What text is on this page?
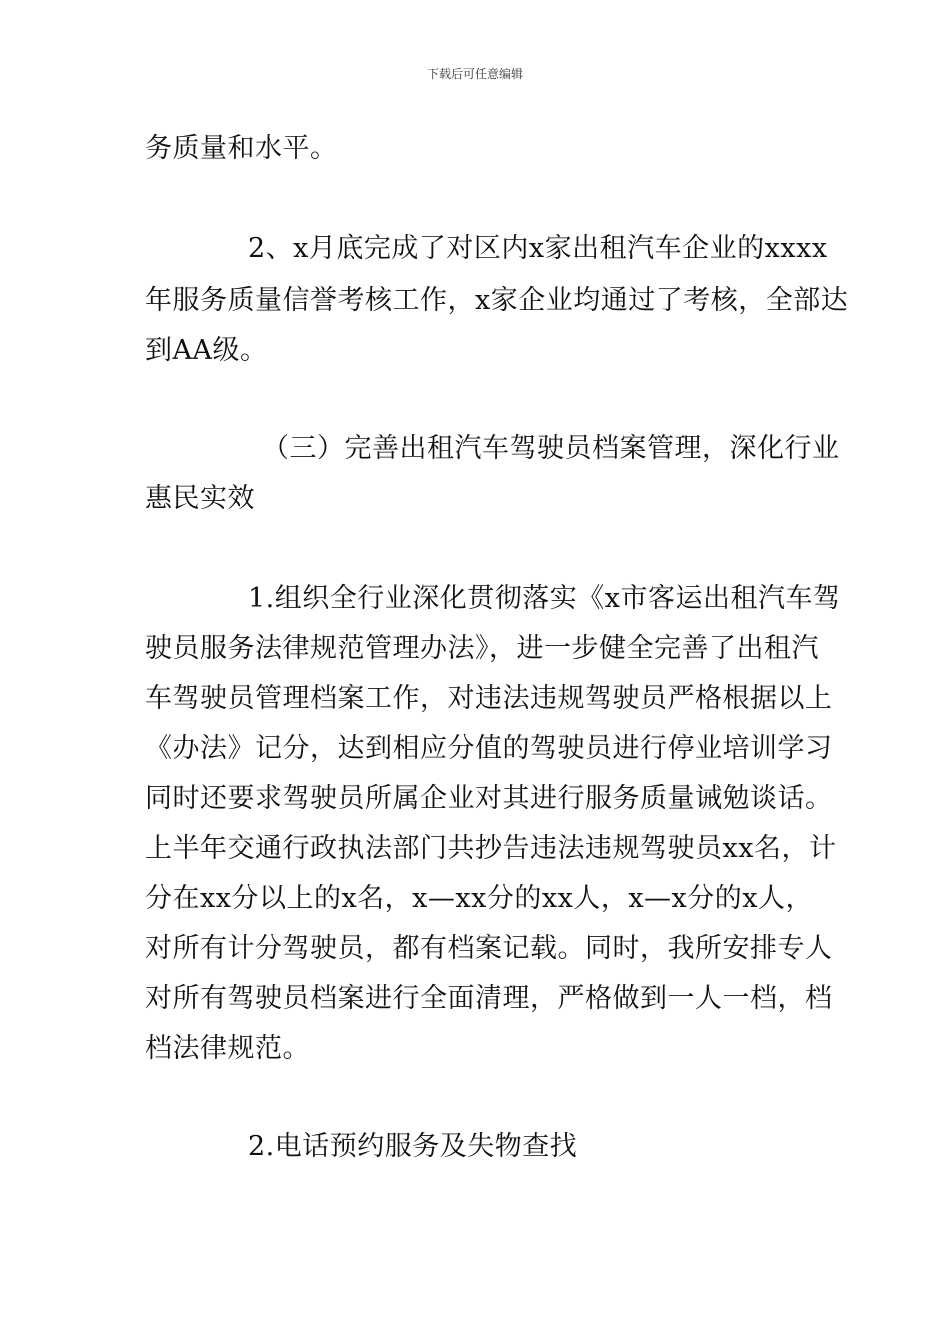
下载后可任意编辑
务质量和水平。
2、x月底完成了对区内x家出租汽车企业的xxxx
年服务质量信誉考核工作，x家企业均通过了考核，全部达
到AA级。
（三）完善出租汽车驾驶员档案管理，深化行业
惠民实效
1.组织全行业深化贯彻落实《x市客运出租汽车驾
驶员服务法律规范管理办法》，进一步健全完善了出租汽
车驾驶员管理档案工作，对违法违规驾驶员严格根据以上
《办法》记分，达到相应分值的驾驶员进行停业培训学习
同时还要求驾驶员所属企业对其进行服务质量诫勉谈话。
上半年交通行政执法部门共抄告违法违规驾驶员xx名，计
分在xx分以上的x名，x—xx分的xx人，x—x分的x人，
对所有计分驾驶员，都有档案记载。同时，我所安排专人
对所有驾驶员档案进行全面清理，严格做到一人一档，档
档法律规范。
2.电话预约服务及失物查找
